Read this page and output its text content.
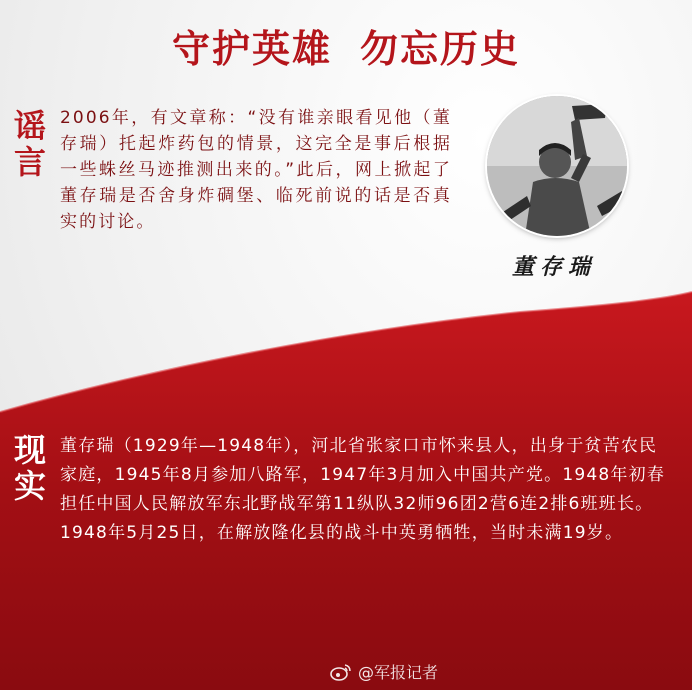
守护英雄 勿忘历史
谣言
2006年，有文章称：“没有谁亲眼看见他（董存瑞）托起炸药包的情景，这完全是事后根据一些蛛丝马迹推测出来的。”此后，网上掀起了董存瑞是否舍身炸碉堡、临死前说的话是否真实的讨论。
董存瑞
现实
董存瑞（1929年—1948年），河北省张家口市怀来县人，出身于贫苦农民家庭，1945年8月参加八路军，1947年3月加入中国共产党。1948年初春担任中国人民解放军东北野战军第11纵队32师96团2营6连2排6班班长。1948年5月25日，在解放隆化县的战斗中英勇牺牲，当时未满19岁。
@军报记者
